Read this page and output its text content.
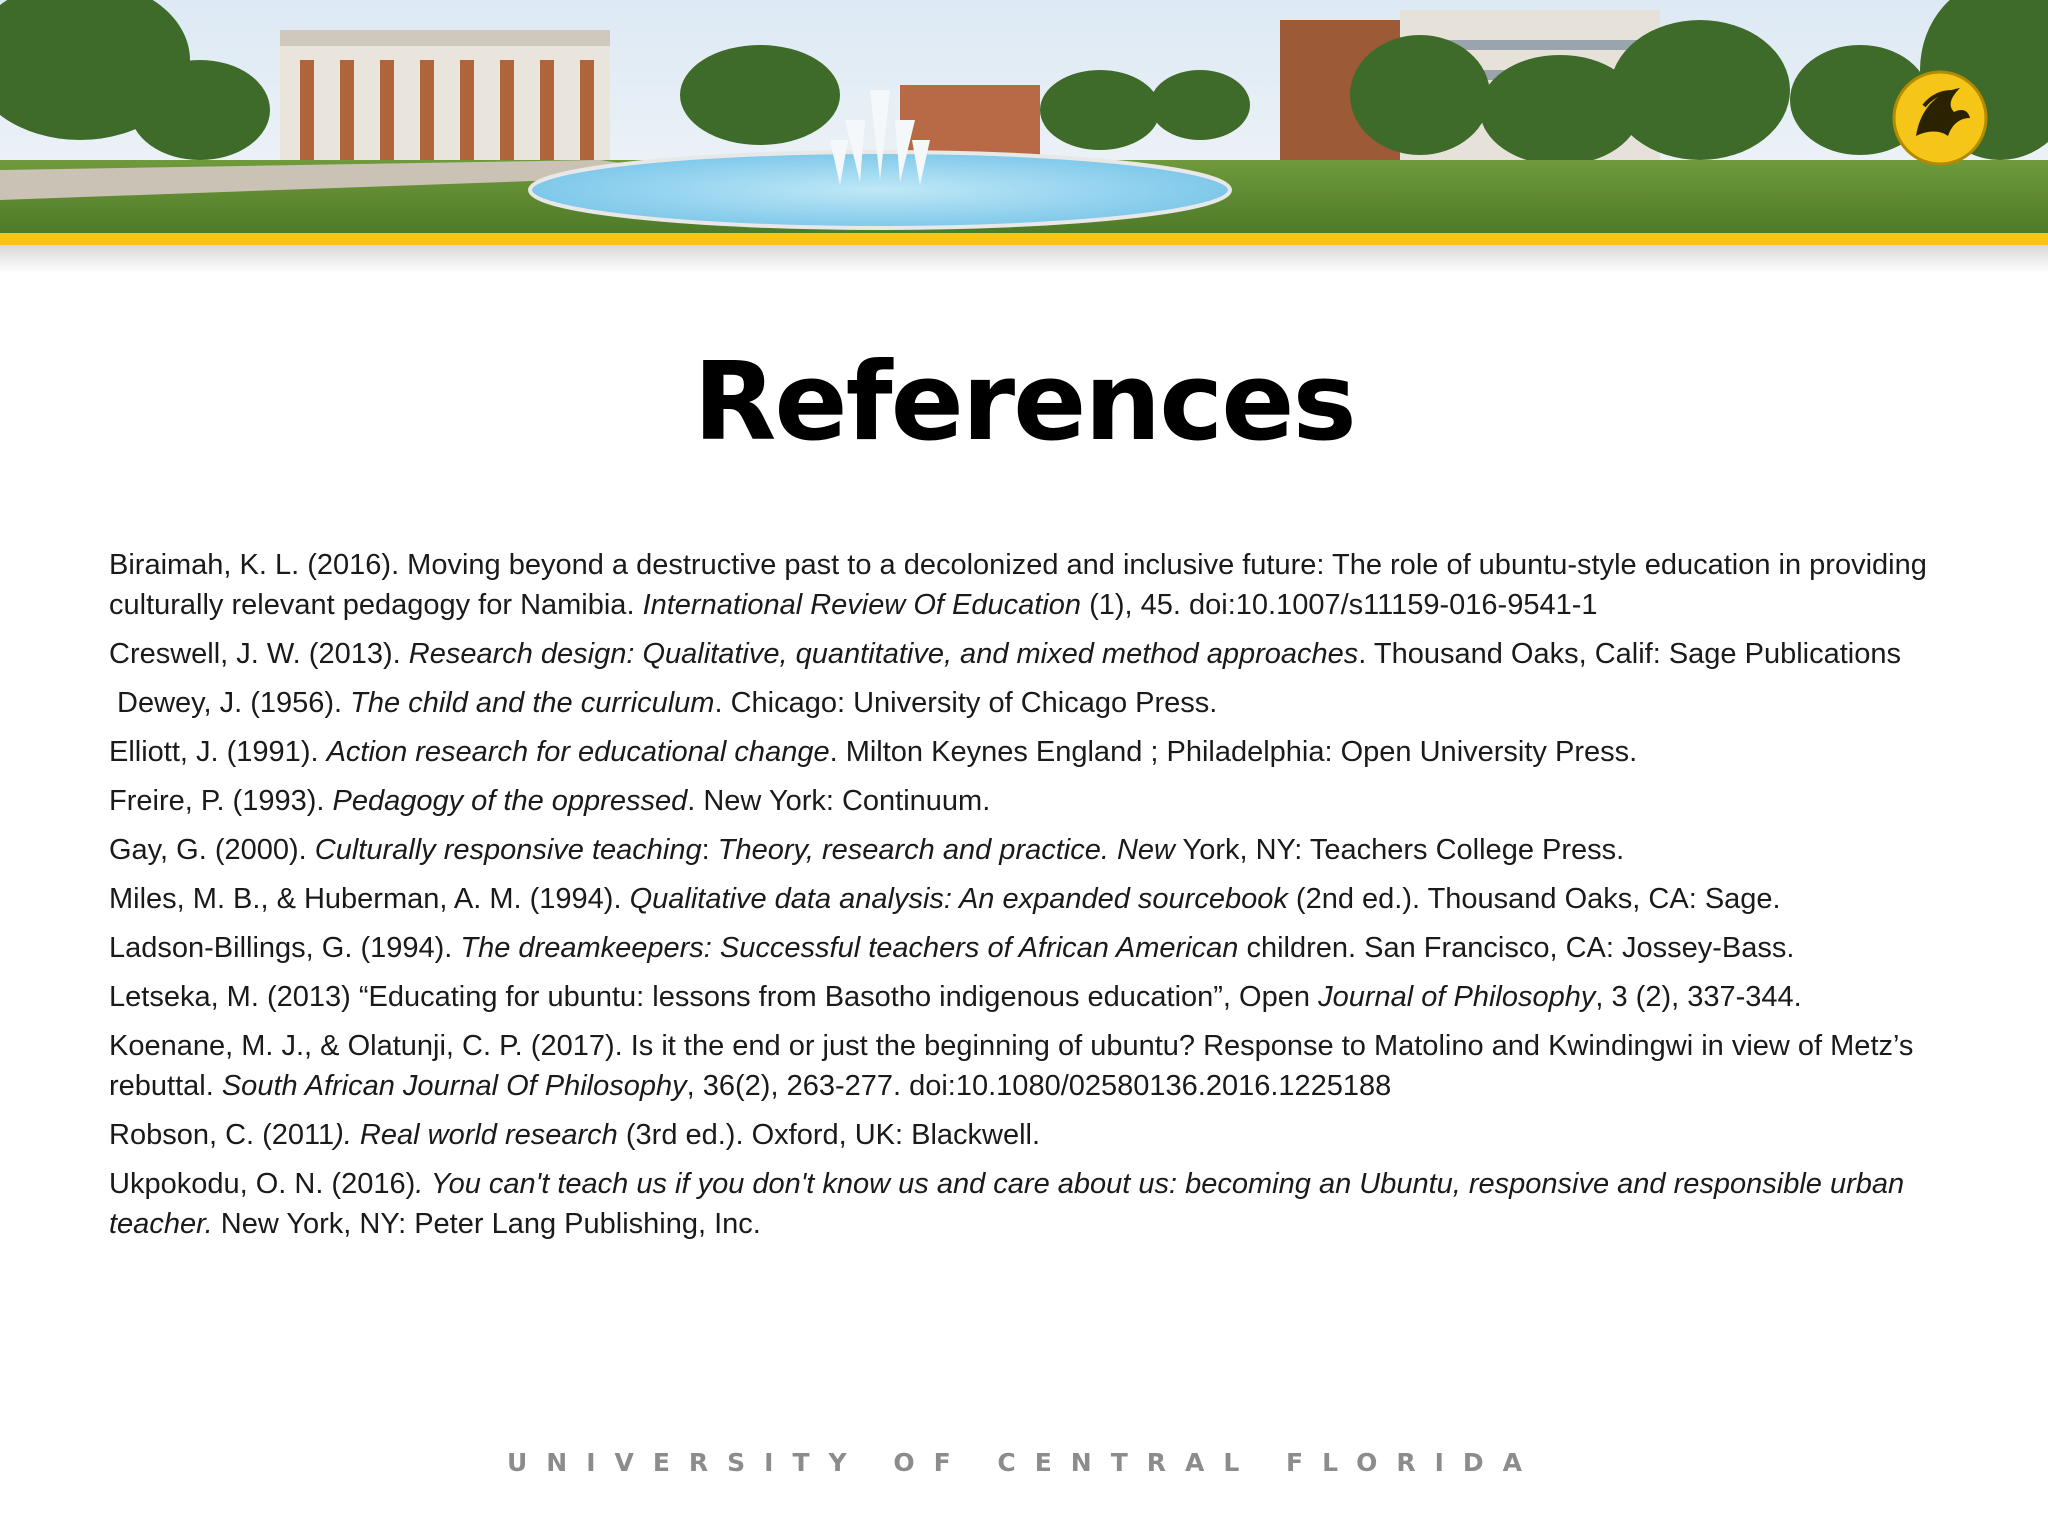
References

Biraimah, K. L. (2016). Moving beyond a destructive past to a decolonized and inclusive future: The role of ubuntu-style education in providing culturally relevant pedagogy for Namibia. International Review Of Education (1), 45. doi:10.1007/s11159-016-9541-1

Creswell, J. W. (2013). Research design: Qualitative, quantitative, and mixed method approaches. Thousand Oaks, Calif: Sage Publications

Dewey, J. (1956). The child and the curriculum. Chicago: University of Chicago Press.

Elliott, J. (1991). Action research for educational change. Milton Keynes England ; Philadelphia: Open University Press.

Freire, P. (1993). Pedagogy of the oppressed. New York: Continuum.

Gay, G. (2000). Culturally responsive teaching: Theory, research and practice. New York, NY: Teachers College Press.

Miles, M. B., & Huberman, A. M. (1994). Qualitative data analysis: An expanded sourcebook (2nd ed.). Thousand Oaks, CA: Sage.

Ladson-Billings, G. (1994). The dreamkeepers: Successful teachers of African American children. San Francisco, CA: Jossey-Bass.

Letseka, M. (2013) “Educating for ubuntu: lessons from Basotho indigenous education”, Open Journal of Philosophy, 3 (2), 337-344.

Koenane, M. J., & Olatunji, C. P. (2017). Is it the end or just the beginning of ubuntu? Response to Matolino and Kwindingwi in view of Metz’s rebuttal. South African Journal Of Philosophy, 36(2), 263-277. doi:10.1080/02580136.2016.1225188

Robson, C. (2011). Real world research (3rd ed.). Oxford, UK: Blackwell.

Ukpokodu, O. N. (2016). You can't teach us if you don't know us and care about us: becoming an Ubuntu, responsive and responsible urban teacher. New York, NY: Peter Lang Publishing, Inc.

UNIVERSITY OF CENTRAL FLORIDA
